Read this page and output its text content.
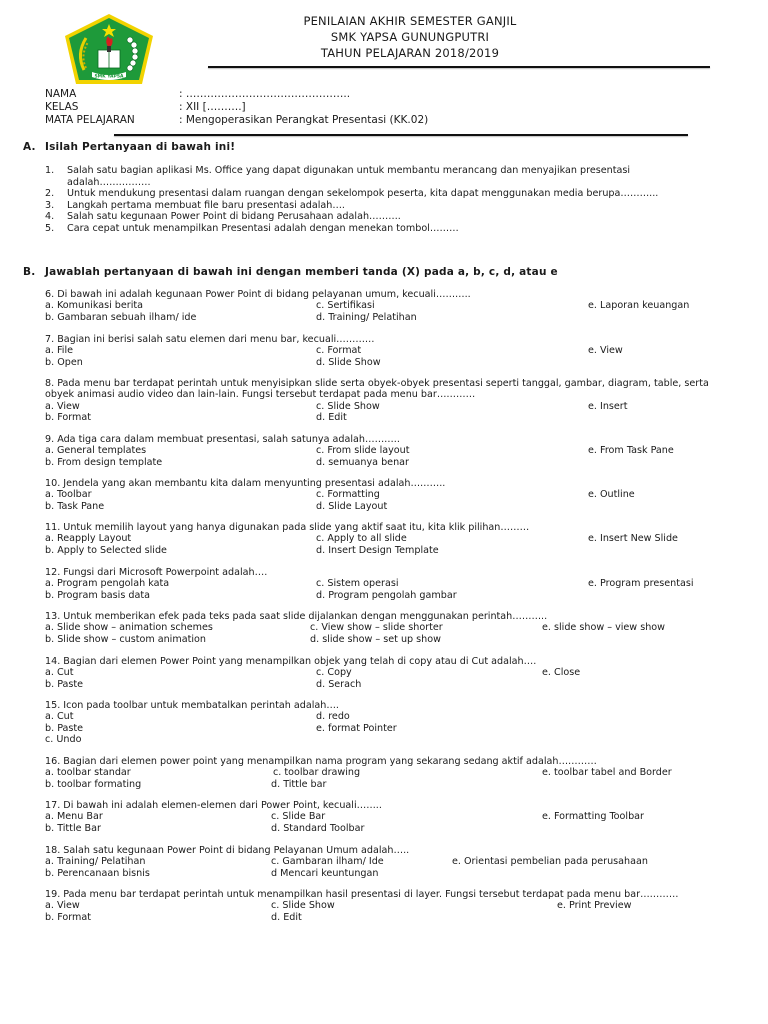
SMK YAPSA
PENILAIAN AKHIR SEMESTER GANJIL
SMK YAPSA GUNUNGPUTRI
TAHUN PELAJARAN 2018/2019
NAMA	: ………………………………………..
KELAS	: XII [……….]
MATA PELAJARAN	: Mengoperasikan Perangkat Presentasi (KK.02)
A. Isilah Pertanyaan di bawah ini!
1.	Salah satu bagian aplikasi Ms. Office yang dapat digunakan untuk membantu merancang dan menyajikan presentasi adalah…………….
2.	Untuk mendukung presentasi dalam ruangan dengan sekelompok peserta, kita dapat menggunakan media berupa………...
3.	Langkah pertama membuat file baru presentasi adalah….
4.	Salah satu kegunaan Power Point di bidang Perusahaan adalah……….
5.	Cara cepat untuk menampilkan Presentasi adalah dengan menekan tombol………
B. Jawablah pertanyaan di bawah ini dengan memberi tanda (X) pada a, b, c, d, atau e
6. Di bawah ini adalah kegunaan Power Point di bidang pelayanan umum, kecuali………..
a. Komunikasi berita
b. Gambaran sebuah ilham/ ide
c. Sertifikasi
d. Training/ Pelatihan
e. Laporan keuangan
7. Bagian ini berisi salah satu elemen dari menu bar, kecuali…………
a. File
b. Open
c. Format
d. Slide Show
e. View
8. Pada menu bar terdapat perintah untuk menyisipkan slide serta obyek-obyek presentasi seperti tanggal, gambar, diagram, table, serta obyek animasi audio video dan lain-lain. Fungsi tersebut terdapat pada menu bar…………
a. View
b. Format
c. Slide Show
d. Edit
e. Insert
9. Ada tiga cara dalam membuat presentasi, salah satunya adalah………..
a. General templates
b. From design template
c. From slide layout
d. semuanya benar
e. From Task Pane
10. Jendela yang akan membantu kita dalam menyunting presentasi adalah………..
a. Toolbar
b. Task Pane
c. Formatting
d. Slide Layout
e. Outline
11. Untuk memilih layout yang hanya digunakan pada slide yang aktif saat itu, kita klik pilihan………
a. Reapply Layout
b. Apply to Selected slide
c. Apply to all slide
d. Insert Design Template
e. Insert New Slide
12. Fungsi dari Microsoft Powerpoint adalah….
a. Program pengolah kata
b. Program basis data
c. Sistem operasi
d. Program pengolah gambar
e. Program presentasi
13. Untuk memberikan efek pada teks pada saat slide dijalankan dengan menggunakan perintah………..
a. Slide show – animation schemes
b. Slide show – custom animation
c. View show – slide shorter
d. slide show – set up show
e. slide show – view show
14. Bagian dari elemen Power Point yang menampilkan objek yang telah di copy atau di Cut adalah….
a. Cut
b. Paste
c. Copy
d. Serach
e. Close
15. Icon pada toolbar untuk membatalkan perintah adalah….
a. Cut
b. Paste
c. Undo
d. redo
e. format Pointer
16. Bagian dari elemen power point yang menampilkan nama program yang sekarang sedang aktif adalah…………
a. toolbar standar
b. toolbar formating
c. toolbar drawing
d. Tittle bar
e. toolbar tabel and Border
17. Di bawah ini adalah elemen-elemen dari Power Point, kecuali……..
a. Menu Bar
b. Tittle Bar
c. Slide Bar
d. Standard Toolbar
e. Formatting Toolbar
18. Salah satu kegunaan Power Point di bidang Pelayanan Umum adalah…..
a. Training/ Pelatihan
b. Perencanaan bisnis
c. Gambaran ilham/ Ide
d Mencari keuntungan
e. Orientasi pembelian pada perusahaan
19. Pada menu bar terdapat perintah untuk menampilkan hasil presentasi di layer. Fungsi tersebut terdapat pada menu bar…………
a. View
b. Format
c. Slide Show
d. Edit
e. Print Preview
